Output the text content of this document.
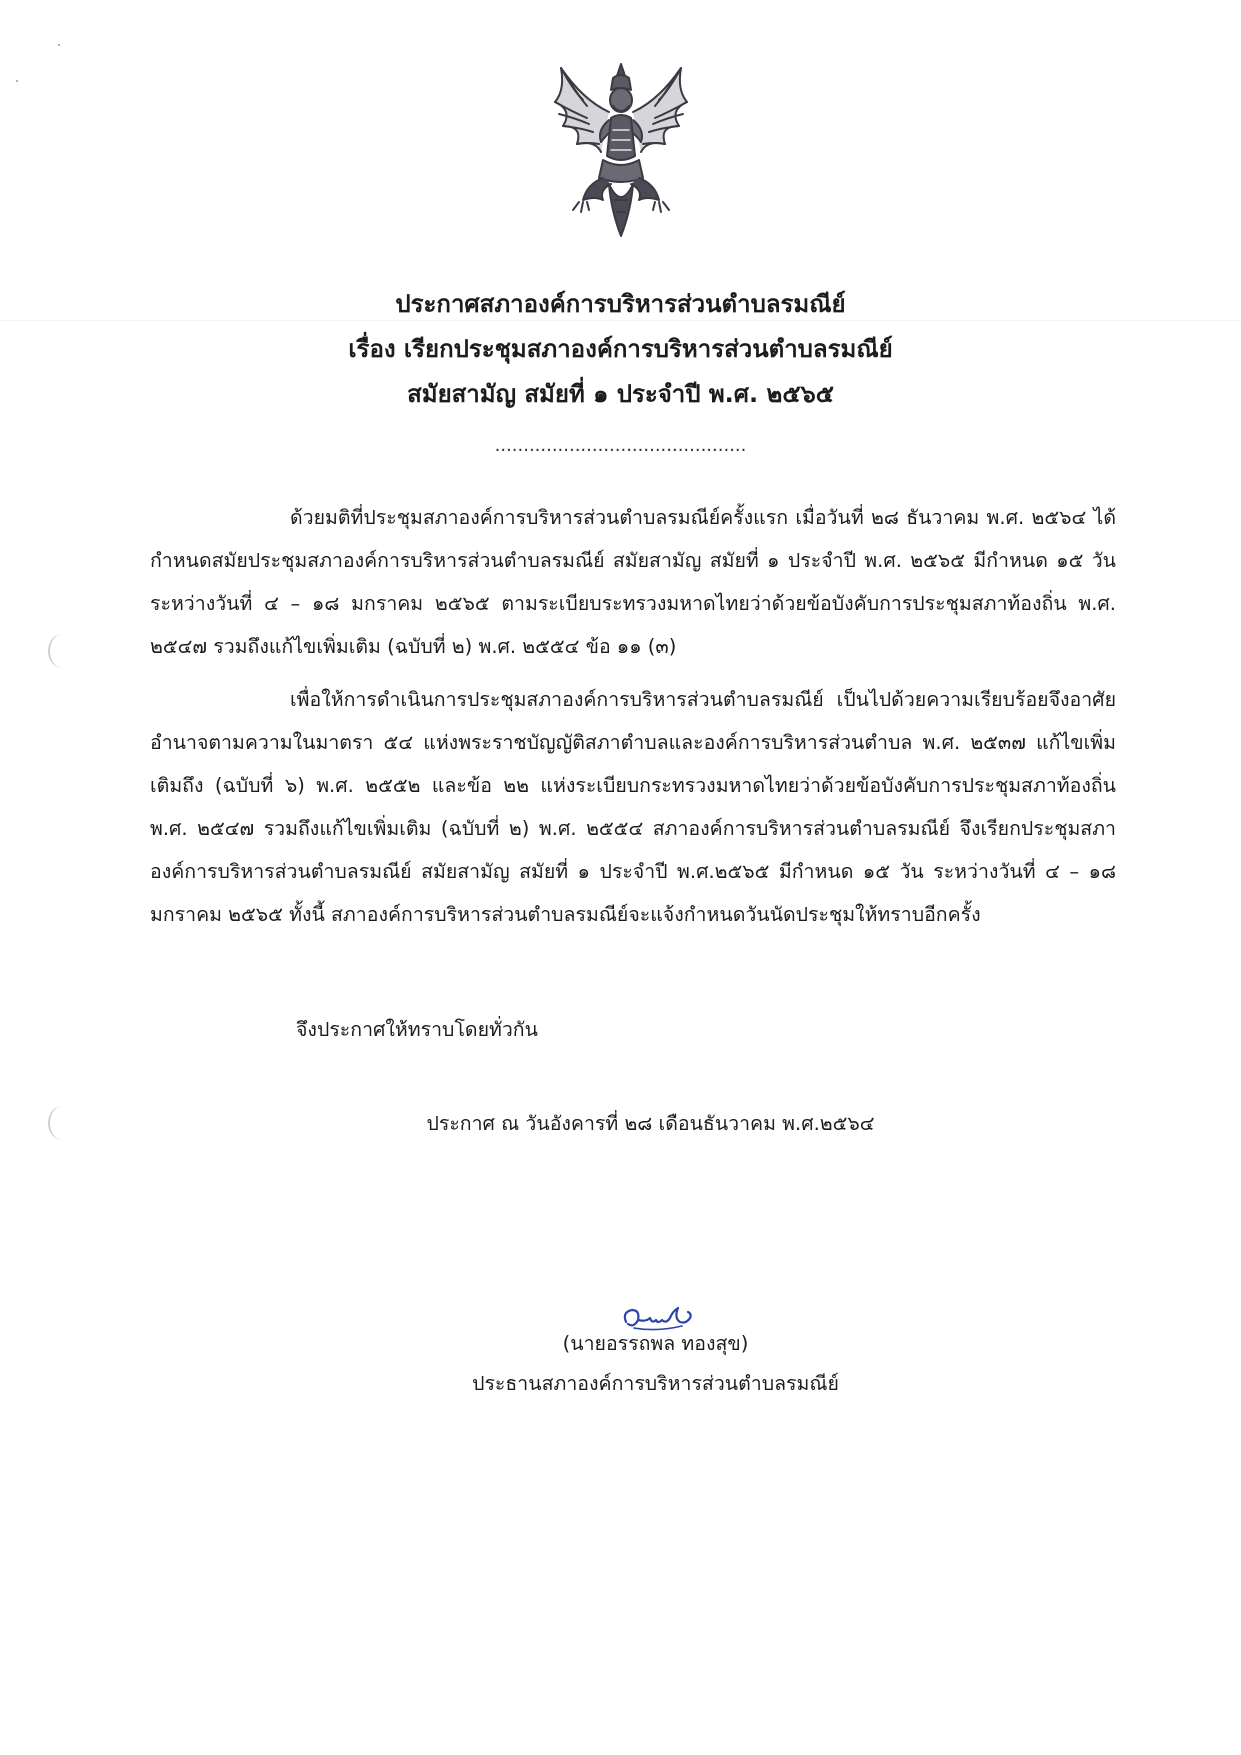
ประกาศสภาองค์การบริหารส่วนตำบลรมณีย์
เรื่อง เรียกประชุมสภาองค์การบริหารส่วนตำบลรมณีย์
สมัยสามัญ สมัยที่ ๑ ประจำปี พ.ศ. ๒๕๖๕
............................................
ด้วยมติที่ประชุมสภาองค์การบริหารส่วนตำบลรมณีย์ครั้งแรก เมื่อวันที่ ๒๘ ธันวาคม พ.ศ. ๒๕๖๔ ได้กำหนดสมัยประชุมสภาองค์การบริหารส่วนตำบลรมณีย์ สมัยสามัญ สมัยที่ ๑ ประจำปี พ.ศ. ๒๕๖๕ มีกำหนด ๑๕ วัน ระหว่างวันที่ ๔ – ๑๘ มกราคม ๒๕๖๕ ตามระเบียบระทรวงมหาดไทยว่าด้วยข้อบังคับการประชุมสภาท้องถิ่น พ.ศ. ๒๕๔๗ รวมถึงแก้ไขเพิ่มเติม (ฉบับที่ ๒) พ.ศ. ๒๕๕๔ ข้อ ๑๑ (๓)
เพื่อให้การดำเนินการประชุมสภาองค์การบริหารส่วนตำบลรมณีย์ เป็นไปด้วยความเรียบร้อยจึงอาศัยอำนาจตามความในมาตรา ๕๔ แห่งพระราชบัญญัติสภาตำบลและองค์การบริหารส่วนตำบล พ.ศ. ๒๕๓๗ แก้ไขเพิ่มเติมถึง (ฉบับที่ ๖) พ.ศ. ๒๕๕๒ และข้อ ๒๒ แห่งระเบียบกระทรวงมหาดไทยว่าด้วยข้อบังคับการประชุมสภาท้องถิ่น พ.ศ. ๒๕๔๗ รวมถึงแก้ไขเพิ่มเติม (ฉบับที่ ๒) พ.ศ. ๒๕๕๔ สภาองค์การบริหารส่วนตำบลรมณีย์ จึงเรียกประชุมสภาองค์การบริหารส่วนตำบลรมณีย์ สมัยสามัญ สมัยที่ ๑ ประจำปี พ.ศ.๒๕๖๕ มีกำหนด ๑๕ วัน ระหว่างวันที่ ๔ – ๑๘ มกราคม ๒๕๖๕ ทั้งนี้ สภาองค์การบริหารส่วนตำบลรมณีย์จะแจ้งกำหนดวันนัดประชุมให้ทราบอีกครั้ง
จึงประกาศให้ทราบโดยทั่วกัน
ประกาศ ณ วันอังคารที่ ๒๘ เดือนธันวาคม พ.ศ.๒๕๖๔
(นายอรรถพล ทองสุข)
ประธานสภาองค์การบริหารส่วนตำบลรมณีย์
